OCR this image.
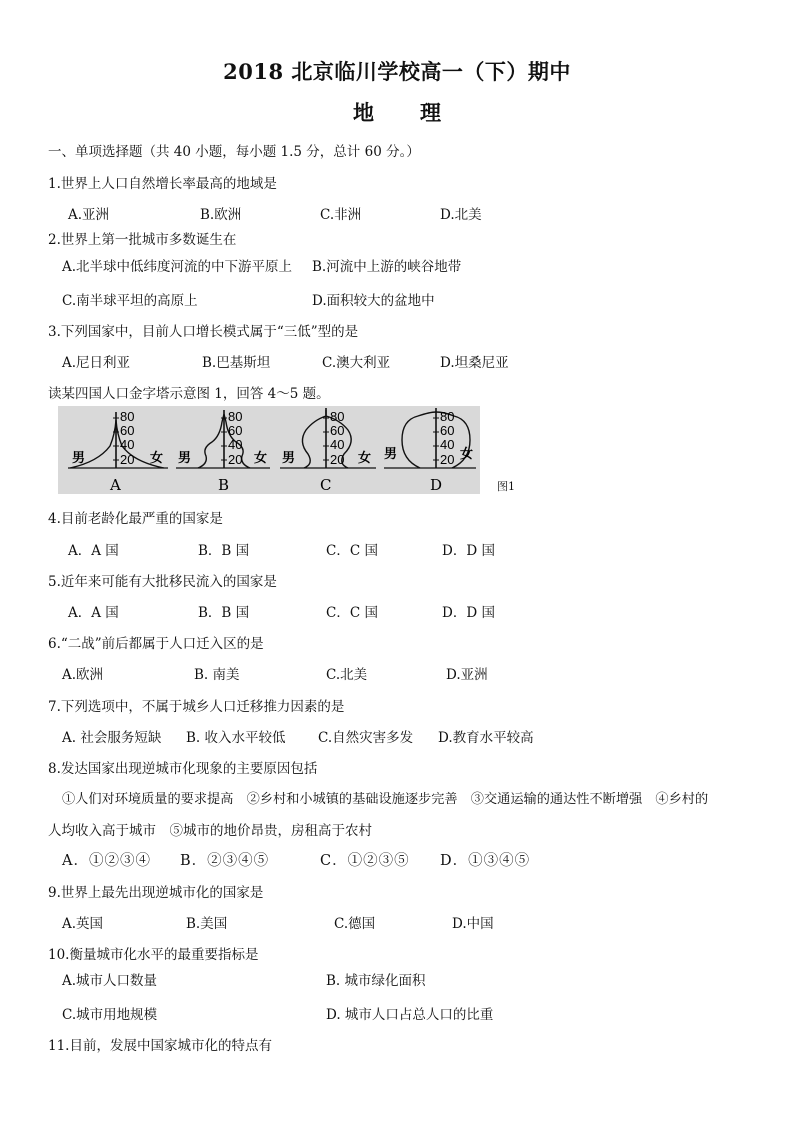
2018 北京临川学校高一（下）期中
地理
一、单项选择题（共 40 小题，每小题 1.5 分，总计 60 分。）
1.世界上人口自然增长率最高的地域是
A.亚洲	B.欧洲	C.非洲	D.北美
2.世界上第一批城市多数诞生在
A.北半球中低纬度河流的中下游平原上 B.河流中上游的峡谷地带
C.南半球平坦的高原上	D.面积较大的盆地中
3.下列国家中，目前人口增长模式属于“三低”型的是
A.尼日利亚	B.巴基斯坦	C.澳大利亚	D.坦桑尼亚
读某四国人口金字塔示意图 1，回答 4～5 题。
80
60
40
20
男	女
A
80
60
40
20
男	女
B
80
60
40
20
男	女
C
80
60
40
20
男	女
D	图1
4.目前老龄化最严重的国家是
A．A 国	B．B 国	C．C 国	D．D 国
5.近年来可能有大批移民流入的国家是
A．A 国	B．B 国	C．C 国	D．D 国
6.“二战”前后都属于人口迁入区的是
A.欧洲	B. 南美	C.北美	D.亚洲
7.下列选项中，不属于城乡人口迁移推力因素的是
A. 社会服务短缺 B. 收入水平较低 C.自然灾害多发 D.教育水平较高
8.发达国家出现逆城市化现象的主要原因包括
①人们对环境质量的要求提高　②乡村和小城镇的基础设施逐步完善　③交通运输的通达性不断增强　④乡村的
人均收入高于城市　⑤城市的地价昂贵，房租高于农村
A．①②③④ B．②③④⑤	C．①②③⑤ D．①③④⑤
9.世界上最先出现逆城市化的国家是
A.英国	B.美国	C.德国	D.中国
10.衡量城市化水平的最重要指标是
A.城市人口数量	B. 城市绿化面积
C.城市用地规模	D. 城市人口占总人口的比重
11.目前，发展中国家城市化的特点有
